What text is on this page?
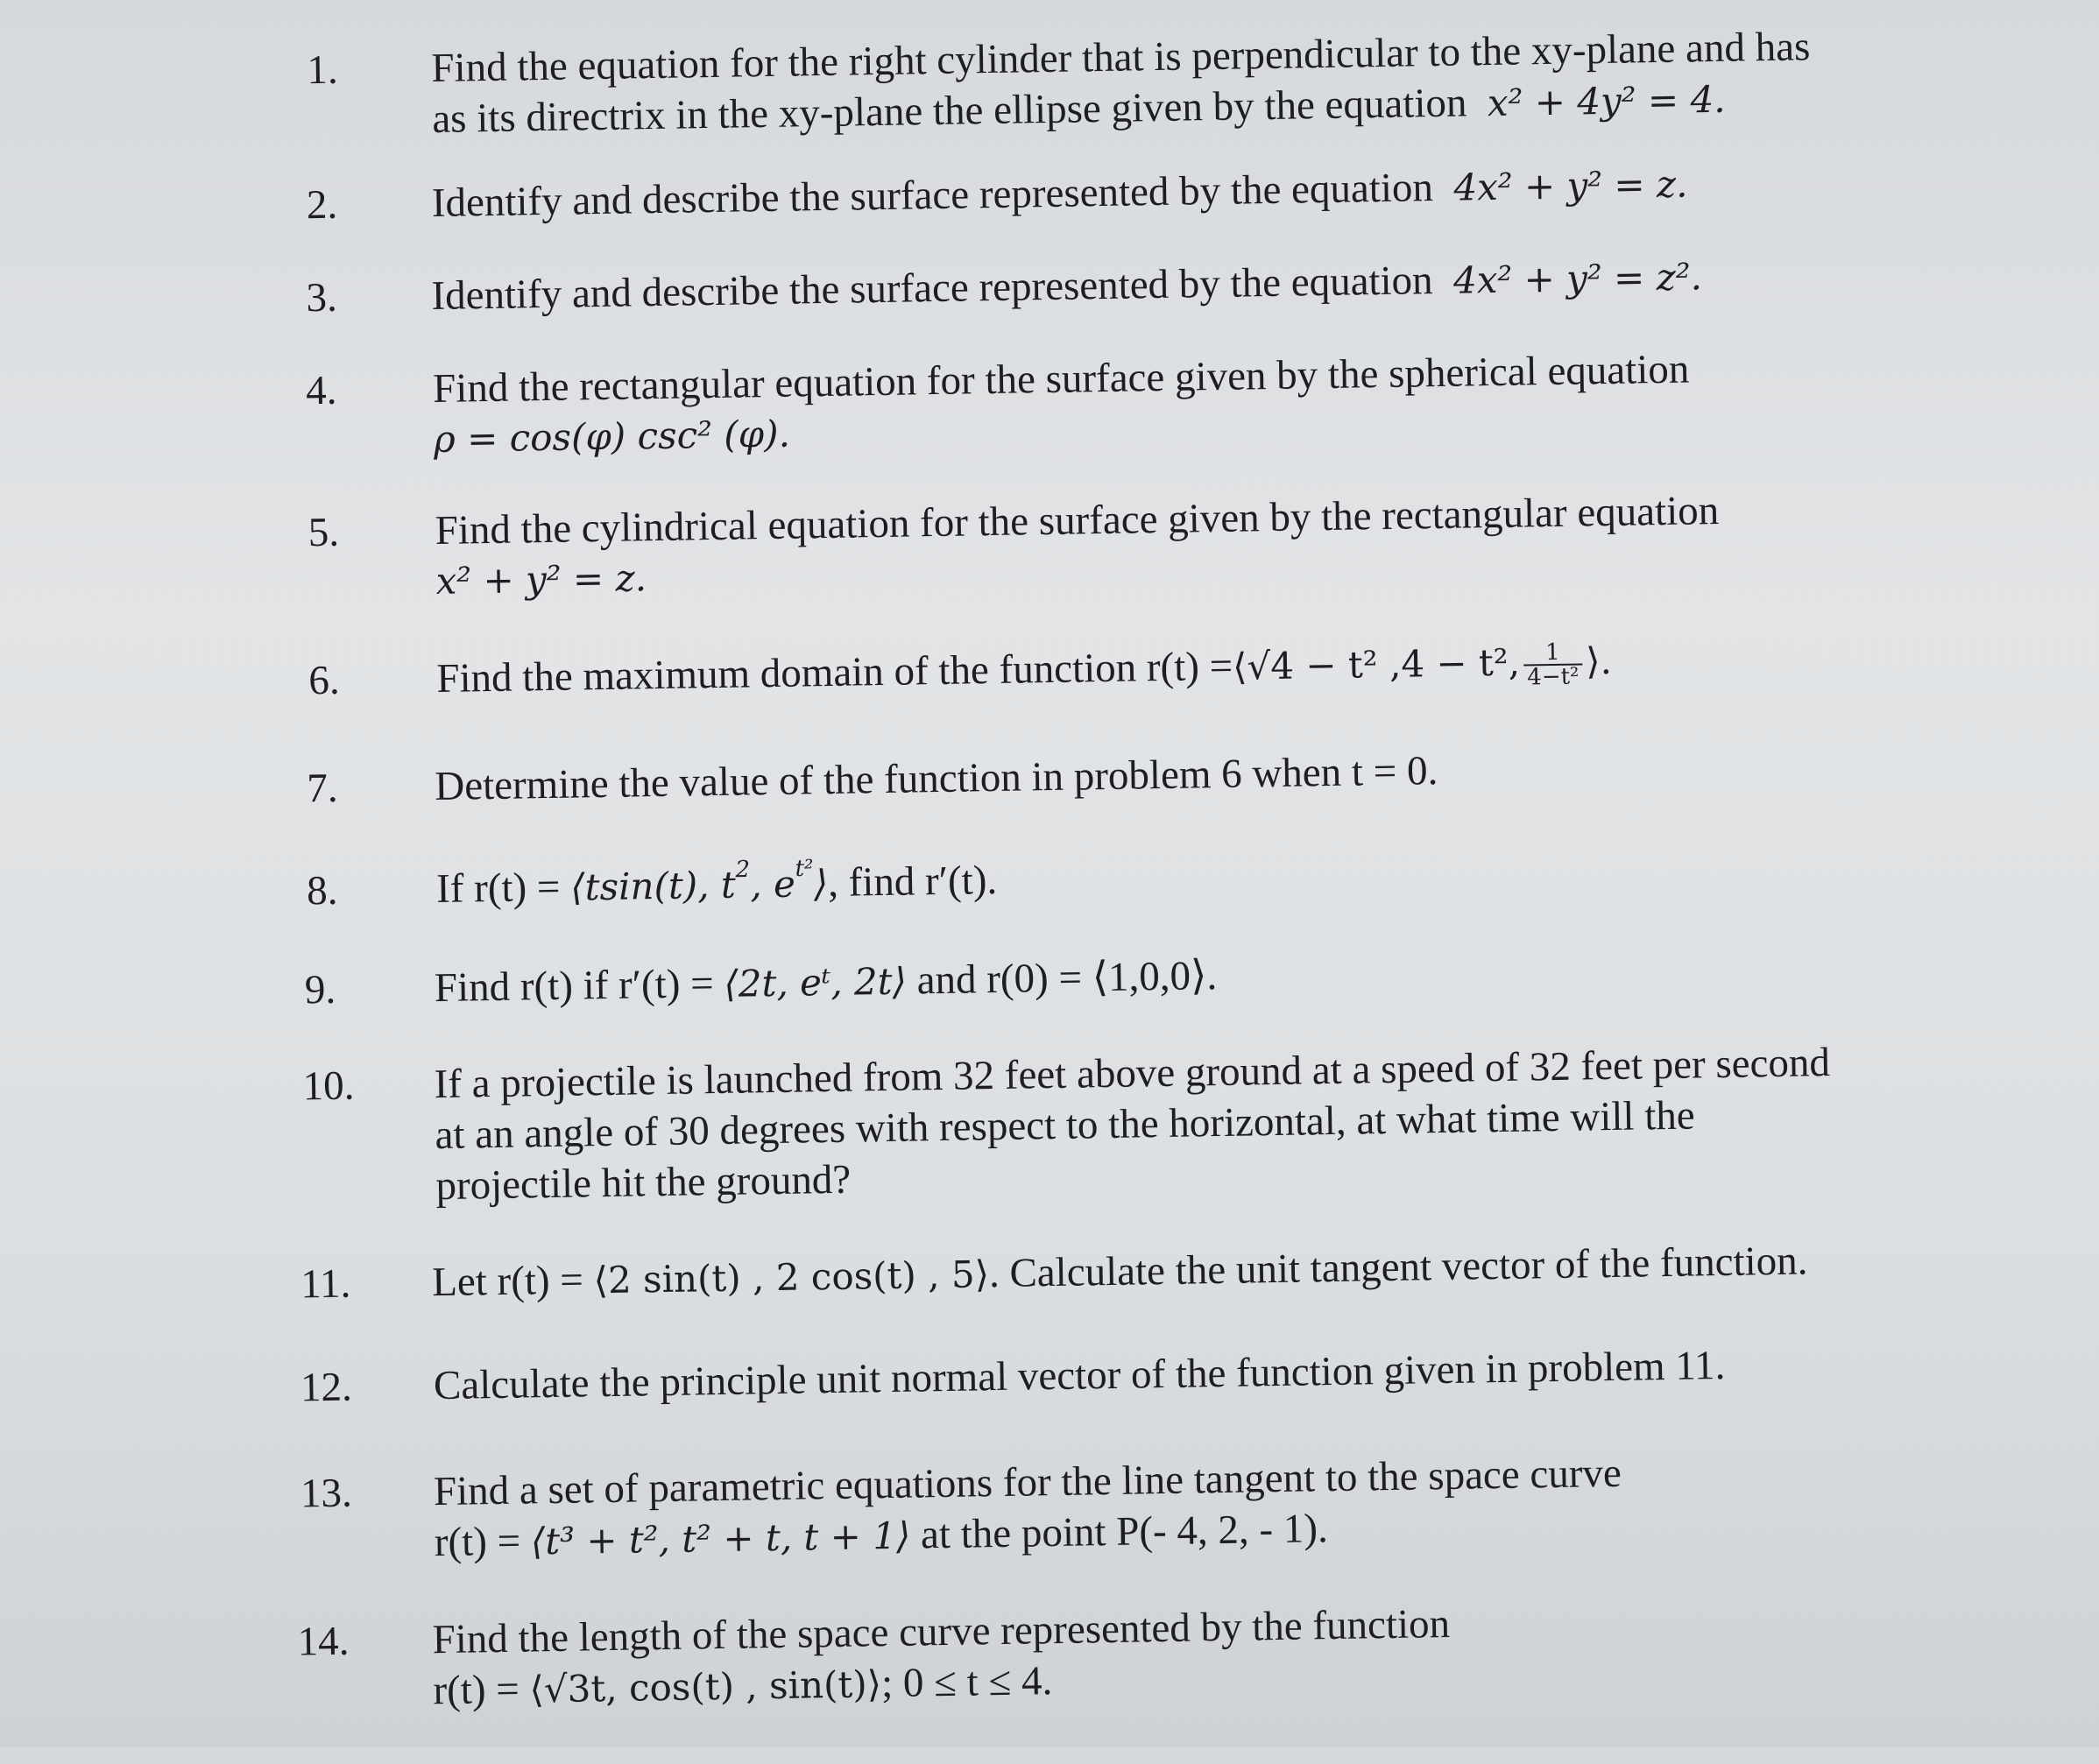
1. Find the equation for the right cylinder that is perpendicular to the xy-plane and has
as its directrix in the xy-plane the ellipse given by the equation x² + 4y² = 4.
2. Identify and describe the surface represented by the equation 4x² + y² = z.
3. Identify and describe the surface represented by the equation 4x² + y² = z².
4. Find the rectangular equation for the surface given by the spherical equation
ρ = cos(φ) csc² (φ).
5. Find the cylindrical equation for the surface given by the rectangular equation
x² + y² = z.
6. Find the maximum domain of the function r(t) =⟨√4 − t² ,4 − t², $\frac{1}{\text{4−t²}}$ ⟩.
7. Determine the value of the function in problem 6 when t = 0.
8. If r(t) = ⟨tsin(t), $t^2$, $e^{t^2}⟩$, find r′(t).
9. Find r(t) if r′(t) = ⟨2t, eᵗ, 2t⟩ and r(0) = ⟨1,0,0⟩.
10. If a projectile is launched from 32 feet above ground at a speed of 32 feet per second
at an angle of 30 degrees with respect to the horizontal, at what time will the
projectile hit the ground?
11. Let r(t) = ⟨2 sin(t) , 2 cos(t) , 5⟩. Calculate the unit tangent vector of the function.
12. Calculate the principle unit normal vector of the function given in problem 11.
13. Find a set of parametric equations for the line tangent to the space curve
r(t) = ⟨t³ + t², t² + t, t + 1⟩ at the point P(- 4, 2, - 1).
14. Find the length of the space curve represented by the function
r(t) = ⟨√3t, cos(t) , sin(t)⟩; 0 ≤ t ≤ 4.
